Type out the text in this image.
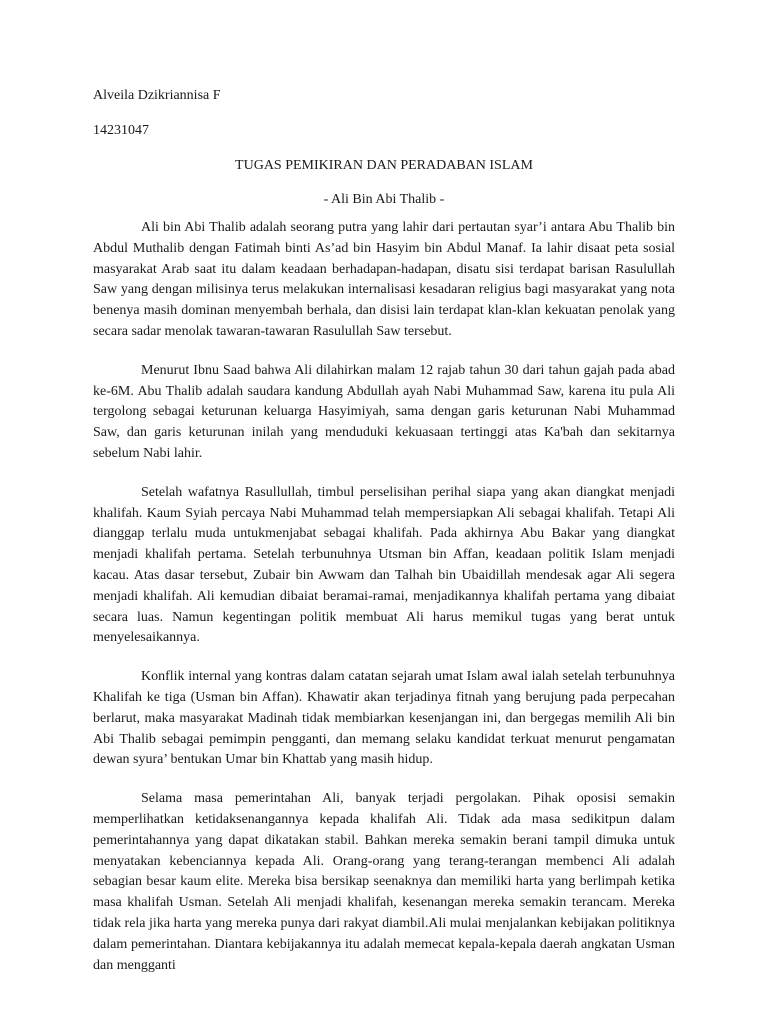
Alveila Dzikriannisa F
14231047
TUGAS PEMIKIRAN DAN PERADABAN ISLAM
- Ali Bin Abi Thalib -

Ali bin Abi Thalib adalah seorang putra yang lahir dari pertautan syar’i antara Abu Thalib bin Abdul Muthalib dengan Fatimah binti As’ad bin Hasyim bin Abdul Manaf. Ia lahir disaat peta sosial masyarakat Arab saat itu dalam keadaan berhadapan-hadapan, disatu sisi terdapat barisan Rasulullah Saw yang dengan milisinya terus melakukan internalisasi kesadaran religius bagi masyarakat yang nota benenya masih dominan menyembah berhala, dan disisi lain terdapat klan-klan kekuatan penolak yang secara sadar menolak tawaran-tawaran Rasulullah Saw tersebut.

Menurut Ibnu Saad bahwa Ali dilahirkan malam 12 rajab tahun 30 dari tahun gajah pada abad ke-6M. Abu Thalib adalah saudara kandung Abdullah ayah Nabi Muhammad Saw, karena itu pula Ali tergolong sebagai keturunan keluarga Hasyimiyah, sama dengan garis keturunan Nabi Muhammad Saw, dan garis keturunan inilah yang menduduki kekuasaan tertinggi atas Ka'bah dan sekitarnya sebelum Nabi lahir.

Setelah wafatnya Rasullullah, timbul perselisihan perihal siapa yang akan diangkat menjadi khalifah. Kaum Syiah percaya Nabi Muhammad telah mempersiapkan Ali sebagai khalifah. Tetapi Ali dianggap terlalu muda untukmenjabat sebagai khalifah. Pada akhirnya Abu Bakar yang diangkat menjadi khalifah pertama. Setelah terbunuhnya Utsman bin Affan, keadaan politik Islam menjadi kacau. Atas dasar tersebut, Zubair bin Awwam dan Talhah bin Ubaidillah mendesak agar Ali segera menjadi khalifah. Ali kemudian dibaiat beramai-ramai, menjadikannya khalifah pertama yang dibaiat secara luas. Namun kegentingan politik membuat Ali harus memikul tugas yang berat untuk menyelesaikannya.

Konflik internal yang kontras dalam catatan sejarah umat Islam awal ialah setelah terbunuhnya Khalifah ke tiga (Usman bin Affan). Khawatir akan terjadinya fitnah yang berujung pada perpecahan berlarut, maka masyarakat Madinah tidak membiarkan kesenjangan ini, dan bergegas memilih Ali bin Abi Thalib sebagai pemimpin pengganti, dan memang selaku kandidat terkuat menurut pengamatan dewan syura’ bentukan Umar bin Khattab yang masih hidup.

Selama masa pemerintahan Ali, banyak terjadi pergolakan. Pihak oposisi semakin memperlihatkan ketidaksenangannya kepada khalifah Ali. Tidak ada masa sedikitpun dalam pemerintahannya yang dapat dikatakan stabil. Bahkan mereka semakin berani tampil dimuka untuk menyatakan kebenciannya kepada Ali. Orang-orang yang terang-terangan membenci Ali adalah sebagian besar kaum elite. Mereka bisa bersikap seenaknya dan memiliki harta yang berlimpah ketika masa khalifah Usman. Setelah Ali menjadi khalifah, kesenangan mereka semakin terancam. Mereka tidak rela jika harta yang mereka punya dari rakyat diambil.Ali mulai menjalankan kebijakan politiknya dalam pemerintahan. Diantara kebijakannya itu adalah memecat kepala-kepala daerah angkatan Usman dan mengganti
